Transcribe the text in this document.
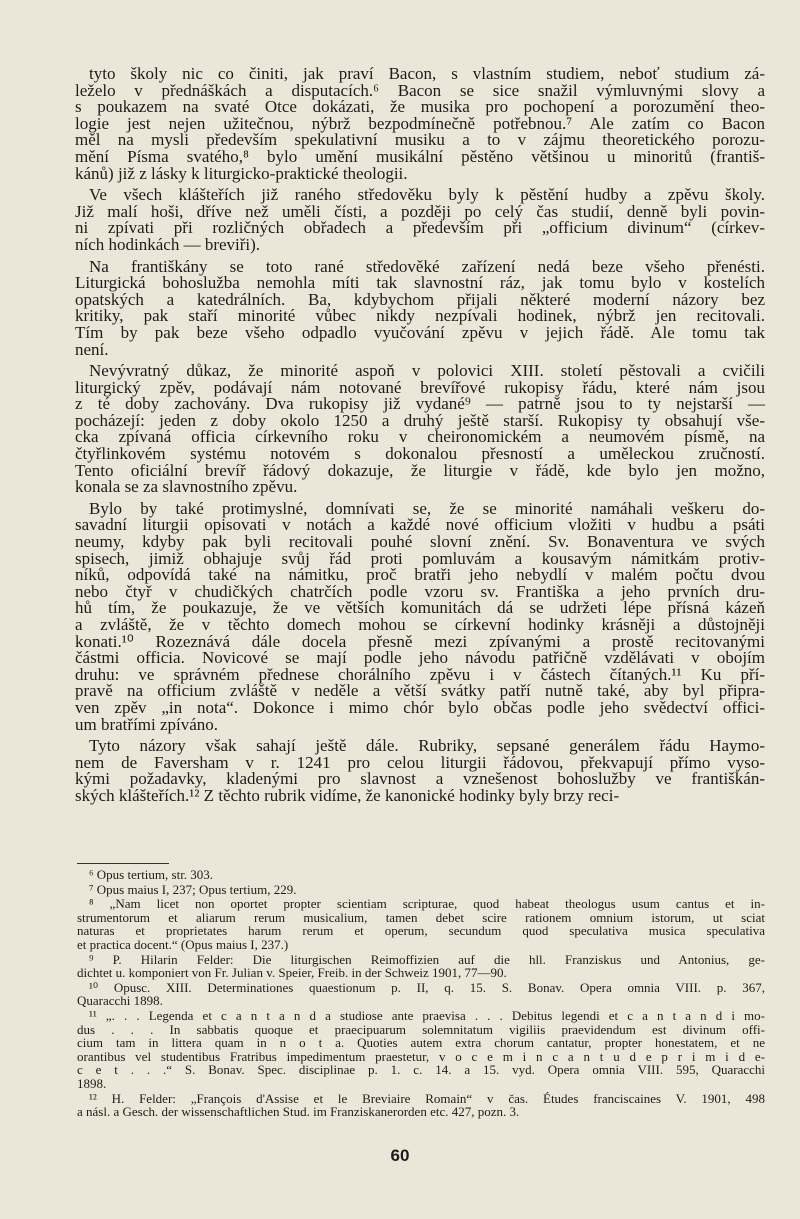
tyto školy nic co činiti, jak praví Bacon, s vlastním studiem, neboť studium zá-
leželo v přednáškách a disputacích.⁶ Bacon se sice snažil výmluvnými slovy a
s poukazem na svaté Otce dokázati, že musika pro pochopení a porozumění theo-
logie jest nejen užitečnou, nýbrž bezpodmínečně potřebnou.⁷ Ale zatím co Bacon
měl na mysli především spekulativní musiku a to v zájmu theoretického porozu-
mění Písma svatého,⁸ bylo umění musikální pěstěno většinou u minoritů (františ-
kánů) již z lásky k liturgicko-praktické theologii.
Ve všech klášteřích již raného středověku byly k pěstění hudby a zpěvu školy.
Již malí hoši, dříve než uměli čísti, a později po celý čas studií, denně byli povin-
ni zpívati při rozličných obřadech a především při „officium divinum“ (církev-
ních hodinkách — breviři).
Na františkány se toto rané středověké zařízení nedá beze všeho přenésti.
Liturgická bohoslužba nemohla míti tak slavnostní ráz, jak tomu bylo v kostelích
opatských a katedrálních. Ba, kdybychom přijali některé moderní názory bez
kritiky, pak staří minorité vůbec nikdy nezpívali hodinek, nýbrž jen recitovali.
Tím by pak beze všeho odpadlo vyučování zpěvu v jejich řádě. Ale tomu tak
není.
Nevývratný důkaz, že minorité aspoň v polovici XIII. století pěstovali a cvičili
liturgický zpěv, podávají nám notované brevířové rukopisy řádu, které nám jsou
z té doby zachovány. Dva rukopisy již vydané⁹ — patrně jsou to ty nejstarší —
pocházejí: jeden z doby okolo 1250 a druhý ještě starší. Rukopisy ty obsahují vše-
cka zpívaná officia církevního roku v cheironomickém a neumovém písmě, na
čtyřlinkovém systému notovém s dokonalou přesností a uměleckou zručností.
Tento oficiální brevíř řádový dokazuje, že liturgie v řádě, kde bylo jen možno,
konala se za slavnostního zpěvu.
Bylo by také protimyslné, domnívati se, že se minorité namáhali veškeru do-
savadní liturgii opisovati v notách a každé nové officium vložiti v hudbu a psáti
neumy, kdyby pak byli recitovali pouhé slovní znění. Sv. Bonaventura ve svých
spisech, jimiž obhajuje svůj řád proti pomluvám a kousavým námitkám protiv-
níků, odpovídá také na námitku, proč bratři jeho nebydlí v malém počtu dvou
nebo čtyř v chudičkých chatrčích podle vzoru sv. Františka a jeho prvních dru-
hů tím, že poukazuje, že ve větších komunitách dá se udržeti lépe přísná kázeň
a zvláště, že v těchto domech mohou se církevní hodinky krásněji a důstojněji
konati.¹⁰ Rozeznává dále docela přesně mezi zpívanými a prostě recitovanými
částmi officia. Novicové se mají podle jeho návodu patřičně vzdělávati v obojím
druhu: ve správném přednese chorálního zpěvu i v částech čítaných.¹¹ Ku pří-
pravě na officium zvláště v neděle a větší svátky patří nutně také, aby byl připra-
ven zpěv „in nota“. Dokonce i mimo chór bylo občas podle jeho svědectví offici-
um bratřími zpíváno.
Tyto názory však sahají ještě dále. Rubriky, sepsané generálem řádu Haymo-
nem de Faversham v r. 1241 pro celou liturgii řádovou, překvapují přímo vyso-
kými požadavky, kladenými pro slavnost a vznešenost bohoslužby ve františkán-
ských klášteřích.¹² Z těchto rubrik vidíme, že kanonické hodinky byly brzy reci-
⁶ Opus tertium, str. 303.
⁷ Opus maius I, 237; Opus tertium, 229.
⁸ „Nam licet non oportet propter scientiam scripturae, quod habeat theologus usum cantus et in-
strumentorum et aliarum rerum musicalium, tamen debet scire rationem omnium istorum, ut sciat
naturas et proprietates harum rerum et operum, secundum quod speculativa musica speculativa
et practica docent.“ (Opus maius I, 237.)
⁹ P. Hilarin Felder: Die liturgischen Reimoffizien auf die hll. Franziskus und Antonius, ge-
dichtet u. komponiert von Fr. Julian v. Speier, Freib. in der Schweiz 1901, 77—90.
¹⁰ Opusc. XIII. Determinationes quaestionum p. II, q. 15. S. Bonav. Opera omnia VIII. p. 367,
Quaracchi 1898.
¹¹ „. . . Legenda et c a n t a n d a studiose ante praevisa . . . Debitus legendi et c a n t a n d i mo-
dus . . . In sabbatis quoque et praecipuarum solemnitatum vigiliis praevidendum est divinum offi-
cium tam in littera quam in n o t a. Quoties autem extra chorum cantatur, propter honestatem, et ne
orantibus vel studentibus Fratribus impedimentum praestetur, v o c e m i n c a n t u d e p r i m i d e-
c e t . . .“ S. Bonav. Spec. disciplinae p. 1. c. 14. a 15. vyd. Opera omnia VIII. 595, Quaracchi
1898.
¹² H. Felder: „François d'Assise et le Breviaire Romain“ v čas. Études franciscaines V. 1901, 498
a násl. a Gesch. der wissenschaftlichen Stud. im Franziskanerorden etc. 427, pozn. 3.
60
